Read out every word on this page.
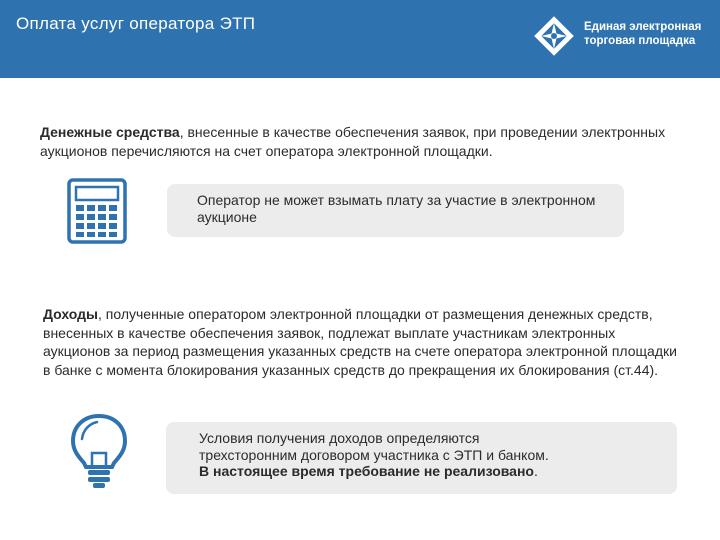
Оплата услуг оператора ЭТП	Единая электронная
торговая площадка
Денежные средства, внесенные в качестве обеспечения заявок, при проведении электронных аукционов перечисляются на счет оператора электронной площадки.
Оператор не может взымать плату за участие в электронном аукционе
Доходы, полученные оператором электронной площадки от размещения денежных средств, внесенных в качестве обеспечения заявок, подлежат выплате участникам электронных аукционов за период размещения указанных средств на счете оператора электронной площадки в банке с момента блокирования указанных средств до прекращения их блокирования (ст.44).
Условия получения доходов определяются
трехсторонним договором участника с ЭТП и банком.
В настоящее время требование не реализовано.
